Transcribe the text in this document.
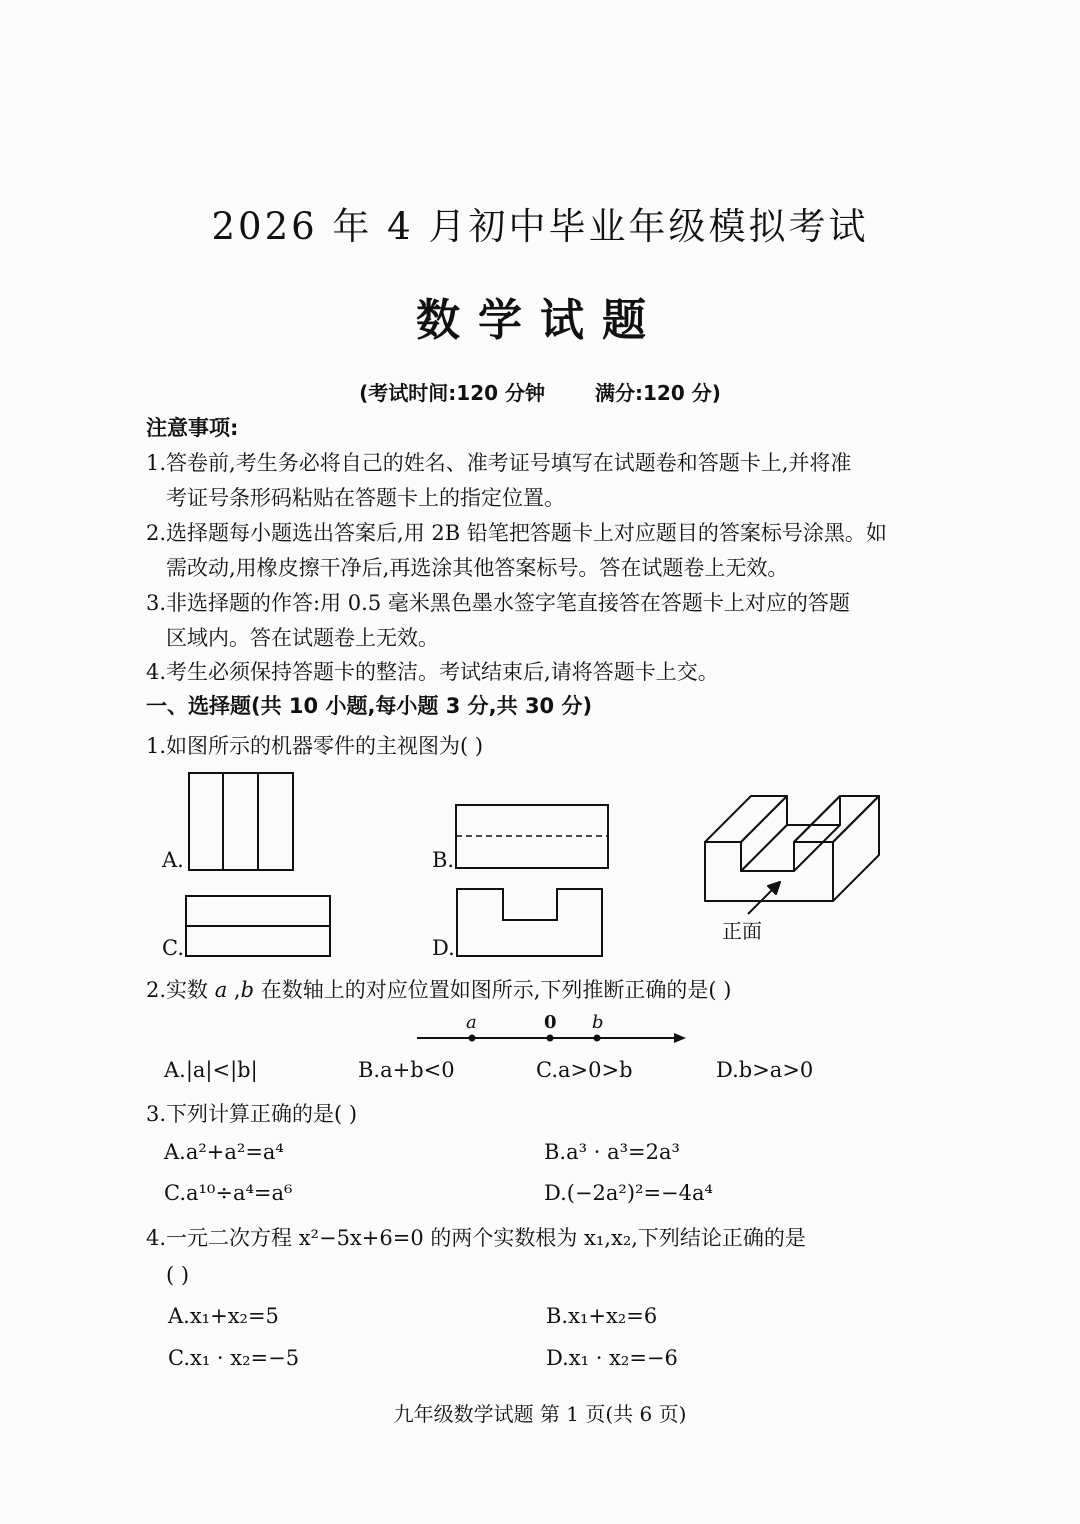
2026 年 4 月初中毕业年级模拟考试
数学试题
(考试时间:120 分钟	满分:120 分)
注意事项:
1.答卷前,考生务必将自己的姓名、准考证号填写在试题卷和答题卡上,并将准
考证号条形码粘贴在答题卡上的指定位置。
2.选择题每小题选出答案后,用 2B 铅笔把答题卡上对应题目的答案标号涂黑。如
需改动,用橡皮擦干净后,再选涂其他答案标号。答在试题卷上无效。
3.非选择题的作答:用 0.5 毫米黑色墨水签字笔直接答在答题卡上对应的答题
区域内。答在试题卷上无效。
4.考生必须保持答题卡的整洁。考试结束后,请将答题卡上交。
一、选择题(共 10 小题,每小题 3 分,共 30 分)
1.如图所示的机器零件的主视图为( )
A.	B.
C.	D.
正面
2.实数 a ,b 在数轴上的对应位置如图所示,下列推断正确的是( )
a	0 b
A.|a|<|b|	B.a+b<0	C.a>0>b	D.b>a>0
3.下列计算正确的是( )
A.a²+a²=a⁴	B.a³ · a³=2a³
C.a¹⁰÷a⁴=a⁶	D.(−2a²)²=−4a⁴
4.一元二次方程 x²−5x+6=0 的两个实数根为 x₁,x₂,下列结论正确的是
( )
A.x₁+x₂=5	B.x₁+x₂=6
C.x₁ · x₂=−5	D.x₁ · x₂=−6
九年级数学试题 第 1 页(共 6 页)
